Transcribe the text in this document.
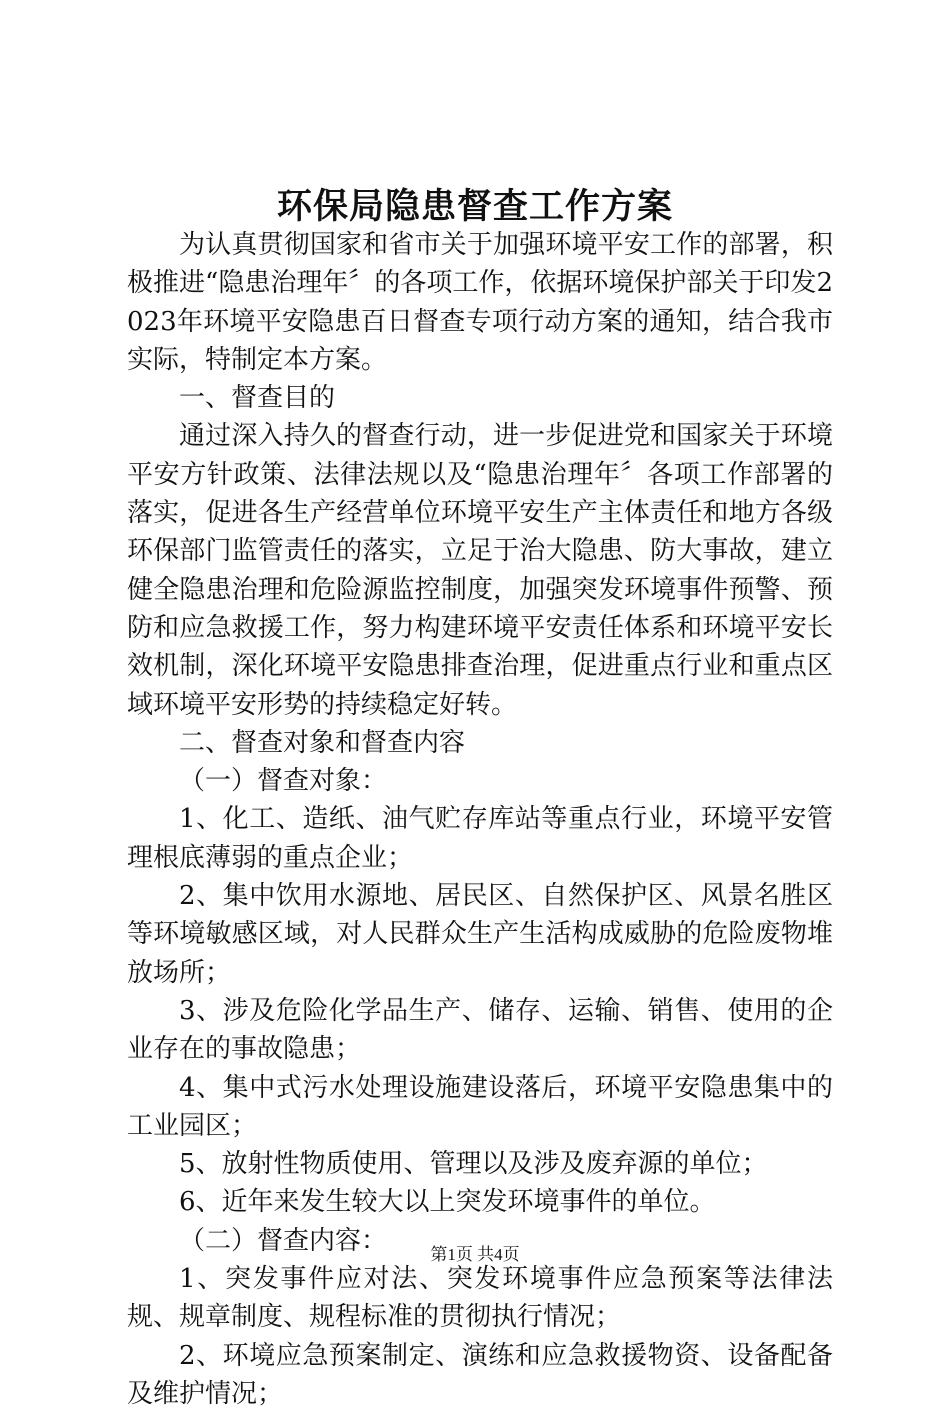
环保局隐患督查工作方案

为认真贯彻国家和省市关于加强环境平安工作的部署，积极推进“隐患治理年〞的各项工作，依据环境保护部关于印发2023年环境平安隐患百日督查专项行动方案的通知，结合我市实际，特制定本方案。

一、督查目的

通过深入持久的督查行动，进一步促进党和国家关于环境平安方针政策、法律法规以及“隐患治理年〞各项工作部署的落实，促进各生产经营单位环境平安生产主体责任和地方各级环保部门监管责任的落实，立足于治大隐患、防大事故，建立健全隐患治理和危险源监控制度，加强突发环境事件预警、预防和应急救援工作，努力构建环境平安责任体系和环境平安长效机制，深化环境平安隐患排查治理，促进重点行业和重点区域环境平安形势的持续稳定好转。

二、督查对象和督查内容

（一）督查对象：

1、化工、造纸、油气贮存库站等重点行业，环境平安管理根底薄弱的重点企业；

2、集中饮用水源地、居民区、自然保护区、风景名胜区等环境敏感区域，对人民群众生产生活构成威胁的危险废物堆放场所；

3、涉及危险化学品生产、储存、运输、销售、使用的企业存在的事故隐患；

4、集中式污水处理设施建设落后，环境平安隐患集中的工业园区；

5、放射性物质使用、管理以及涉及废弃源的单位；

6、近年来发生较大以上突发环境事件的单位。

（二）督查内容：

1、突发事件应对法、突发环境事件应急预案等法律法规、规章制度、规程标准的贯彻执行情况；

2、环境应急预案制定、演练和应急救援物资、设备配备及维护情况；

第1页 共4页
